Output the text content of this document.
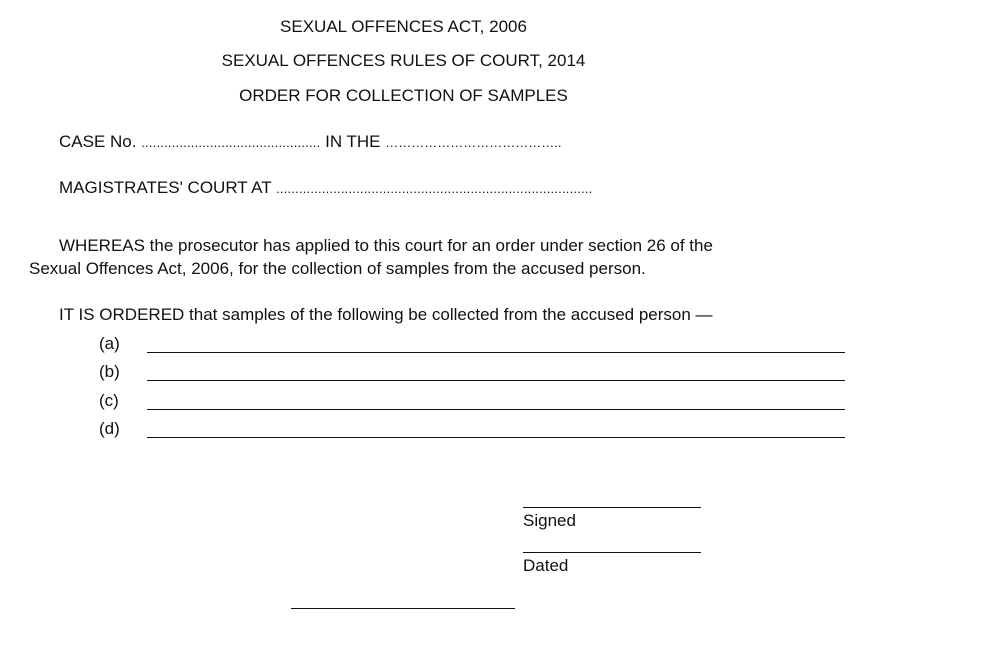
SEXUAL OFFENCES ACT, 2006
SEXUAL OFFENCES RULES OF COURT, 2014
ORDER FOR COLLECTION OF SAMPLES
CASE No. ............................................... IN THE …………………………………..
MAGISTRATES' COURT AT ...................................................................................
WHEREAS the prosecutor has applied to this court for an order under section 26 of the
Sexual Offences Act, 2006, for the collection of samples from the accused person.
IT IS ORDERED that samples of the following be collected from the accused person —
(a)
(b)
(c)
(d)
Signed
Dated
